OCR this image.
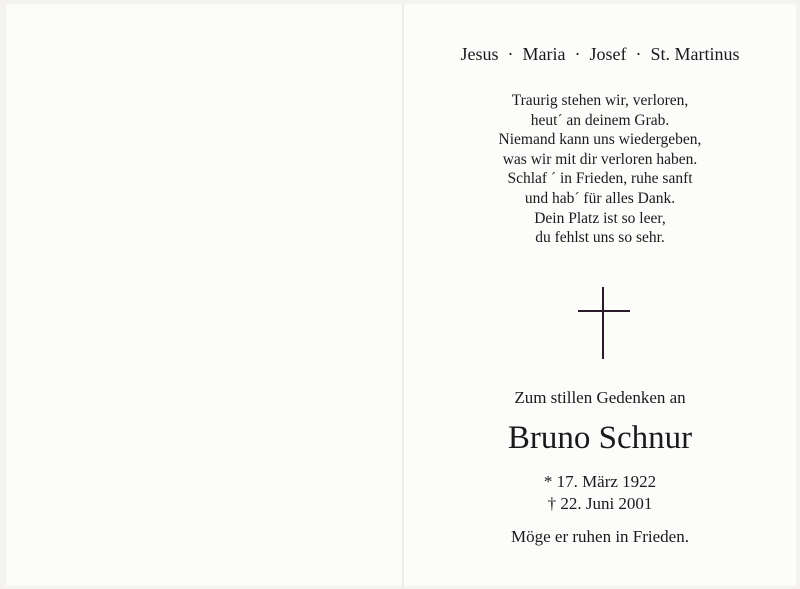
Jesus · Maria · Josef · St. Martinus
Traurig stehen wir, verloren,
heut´ an deinem Grab.
Niemand kann uns wiedergeben,
was wir mit dir verloren haben.
Schlaf ´ in Frieden, ruhe sanft
und hab´ für alles Dank.
Dein Platz ist so leer,
du fehlst uns so sehr.
Zum stillen Gedenken an
Bruno Schnur
* 17. März 1922
† 22. Juni 2001
Möge er ruhen in Frieden.
